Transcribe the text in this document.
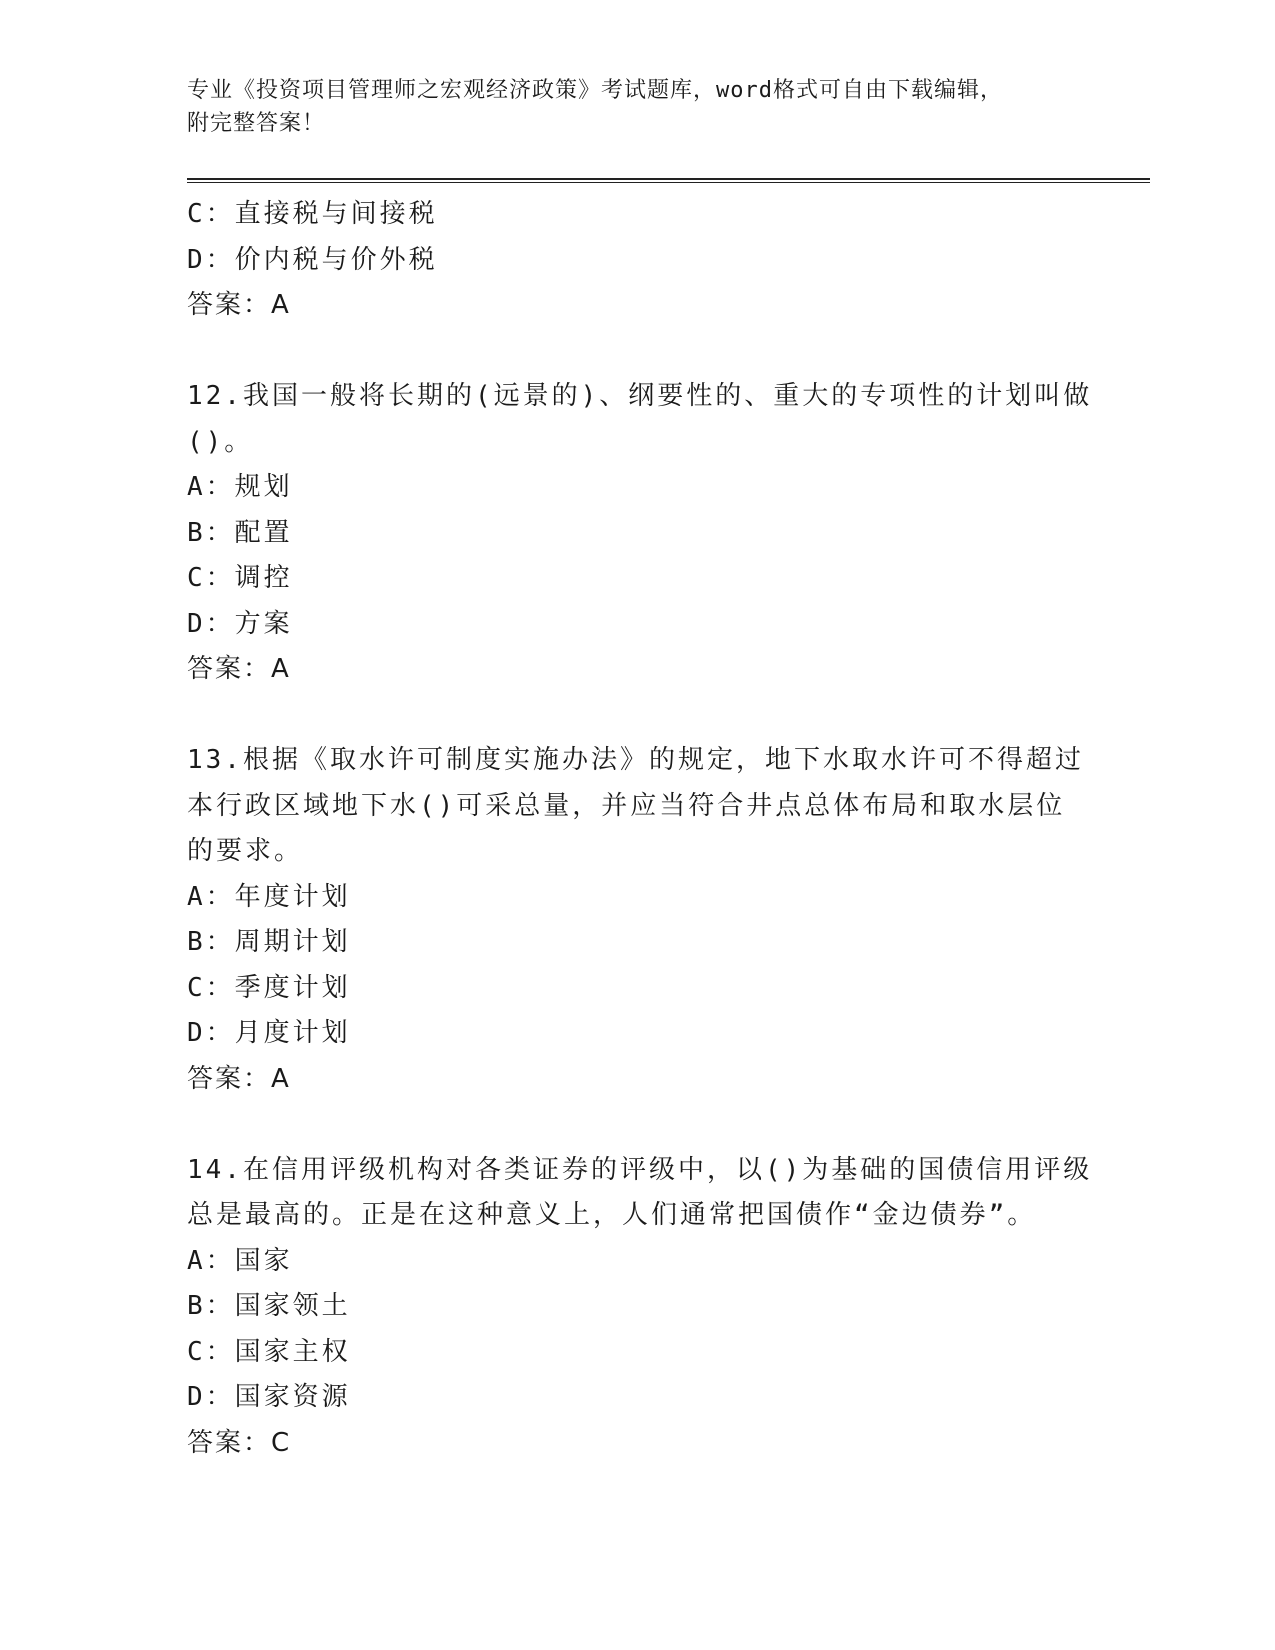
专业《投资项目管理师之宏观经济政策》考试题库，word格式可自由下载编辑，
附完整答案！
C：直接税与间接税
D：价内税与价外税
答案：A
12.我国一般将长期的(远景的)、纲要性的、重大的专项性的计划叫做
()。
A：规划
B：配置
C：调控
D：方案
答案：A
13.根据《取水许可制度实施办法》的规定，地下水取水许可不得超过
本行政区域地下水()可采总量，并应当符合井点总体布局和取水层位
的要求。
A：年度计划
B：周期计划
C：季度计划
D：月度计划
答案：A
14.在信用评级机构对各类证券的评级中，以()为基础的国债信用评级
总是最高的。正是在这种意义上，人们通常把国债作“金边债券”。
A：国家
B：国家领土
C：国家主权
D：国家资源
答案：C
